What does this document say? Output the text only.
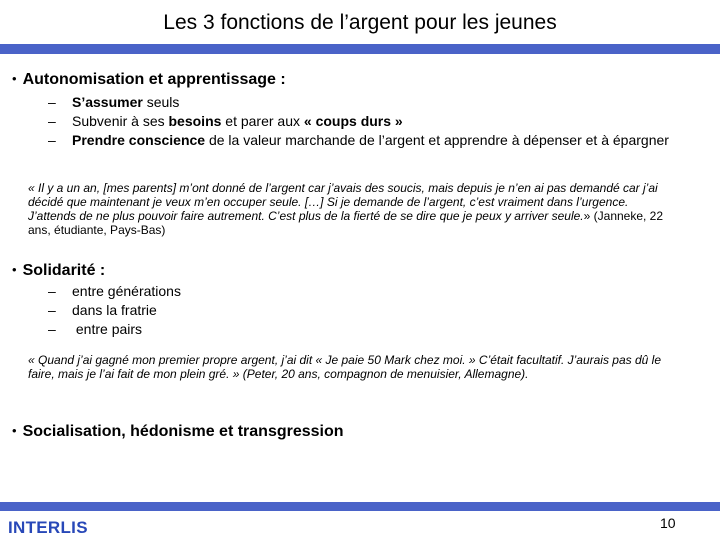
Les 3 fonctions de l’argent pour les jeunes
• Autonomisation et apprentissage :
– S’assumer seuls
– Subvenir à ses besoins et parer aux « coups durs »
– Prendre conscience de la valeur marchande de l’argent et apprendre à dépenser et à épargner
« Il y a un an, [mes parents] m’ont donné de l’argent car j’avais des soucis, mais depuis je n’en ai pas demandé car j’ai décidé que maintenant je veux m’en occuper seule. […] Si je demande de l’argent, c’est vraiment dans l’urgence. J’attends de ne plus pouvoir faire autrement. C’est plus de la fierté de se dire que je peux y arriver seule.» (Janneke, 22 ans, étudiante, Pays-Bas)
• Solidarité :
– entre générations
– dans la fratrie
– entre pairs
« Quand j’ai gagné mon premier propre argent, j’ai dit « Je paie 50 Mark chez moi. » C’était facultatif. J’aurais pas dû le faire, mais je l’ai fait de mon plein gré. » (Peter, 20 ans, compagnon de menuisier, Allemagne).
• Socialisation, hédonisme et transgression
INTERLIS	10
